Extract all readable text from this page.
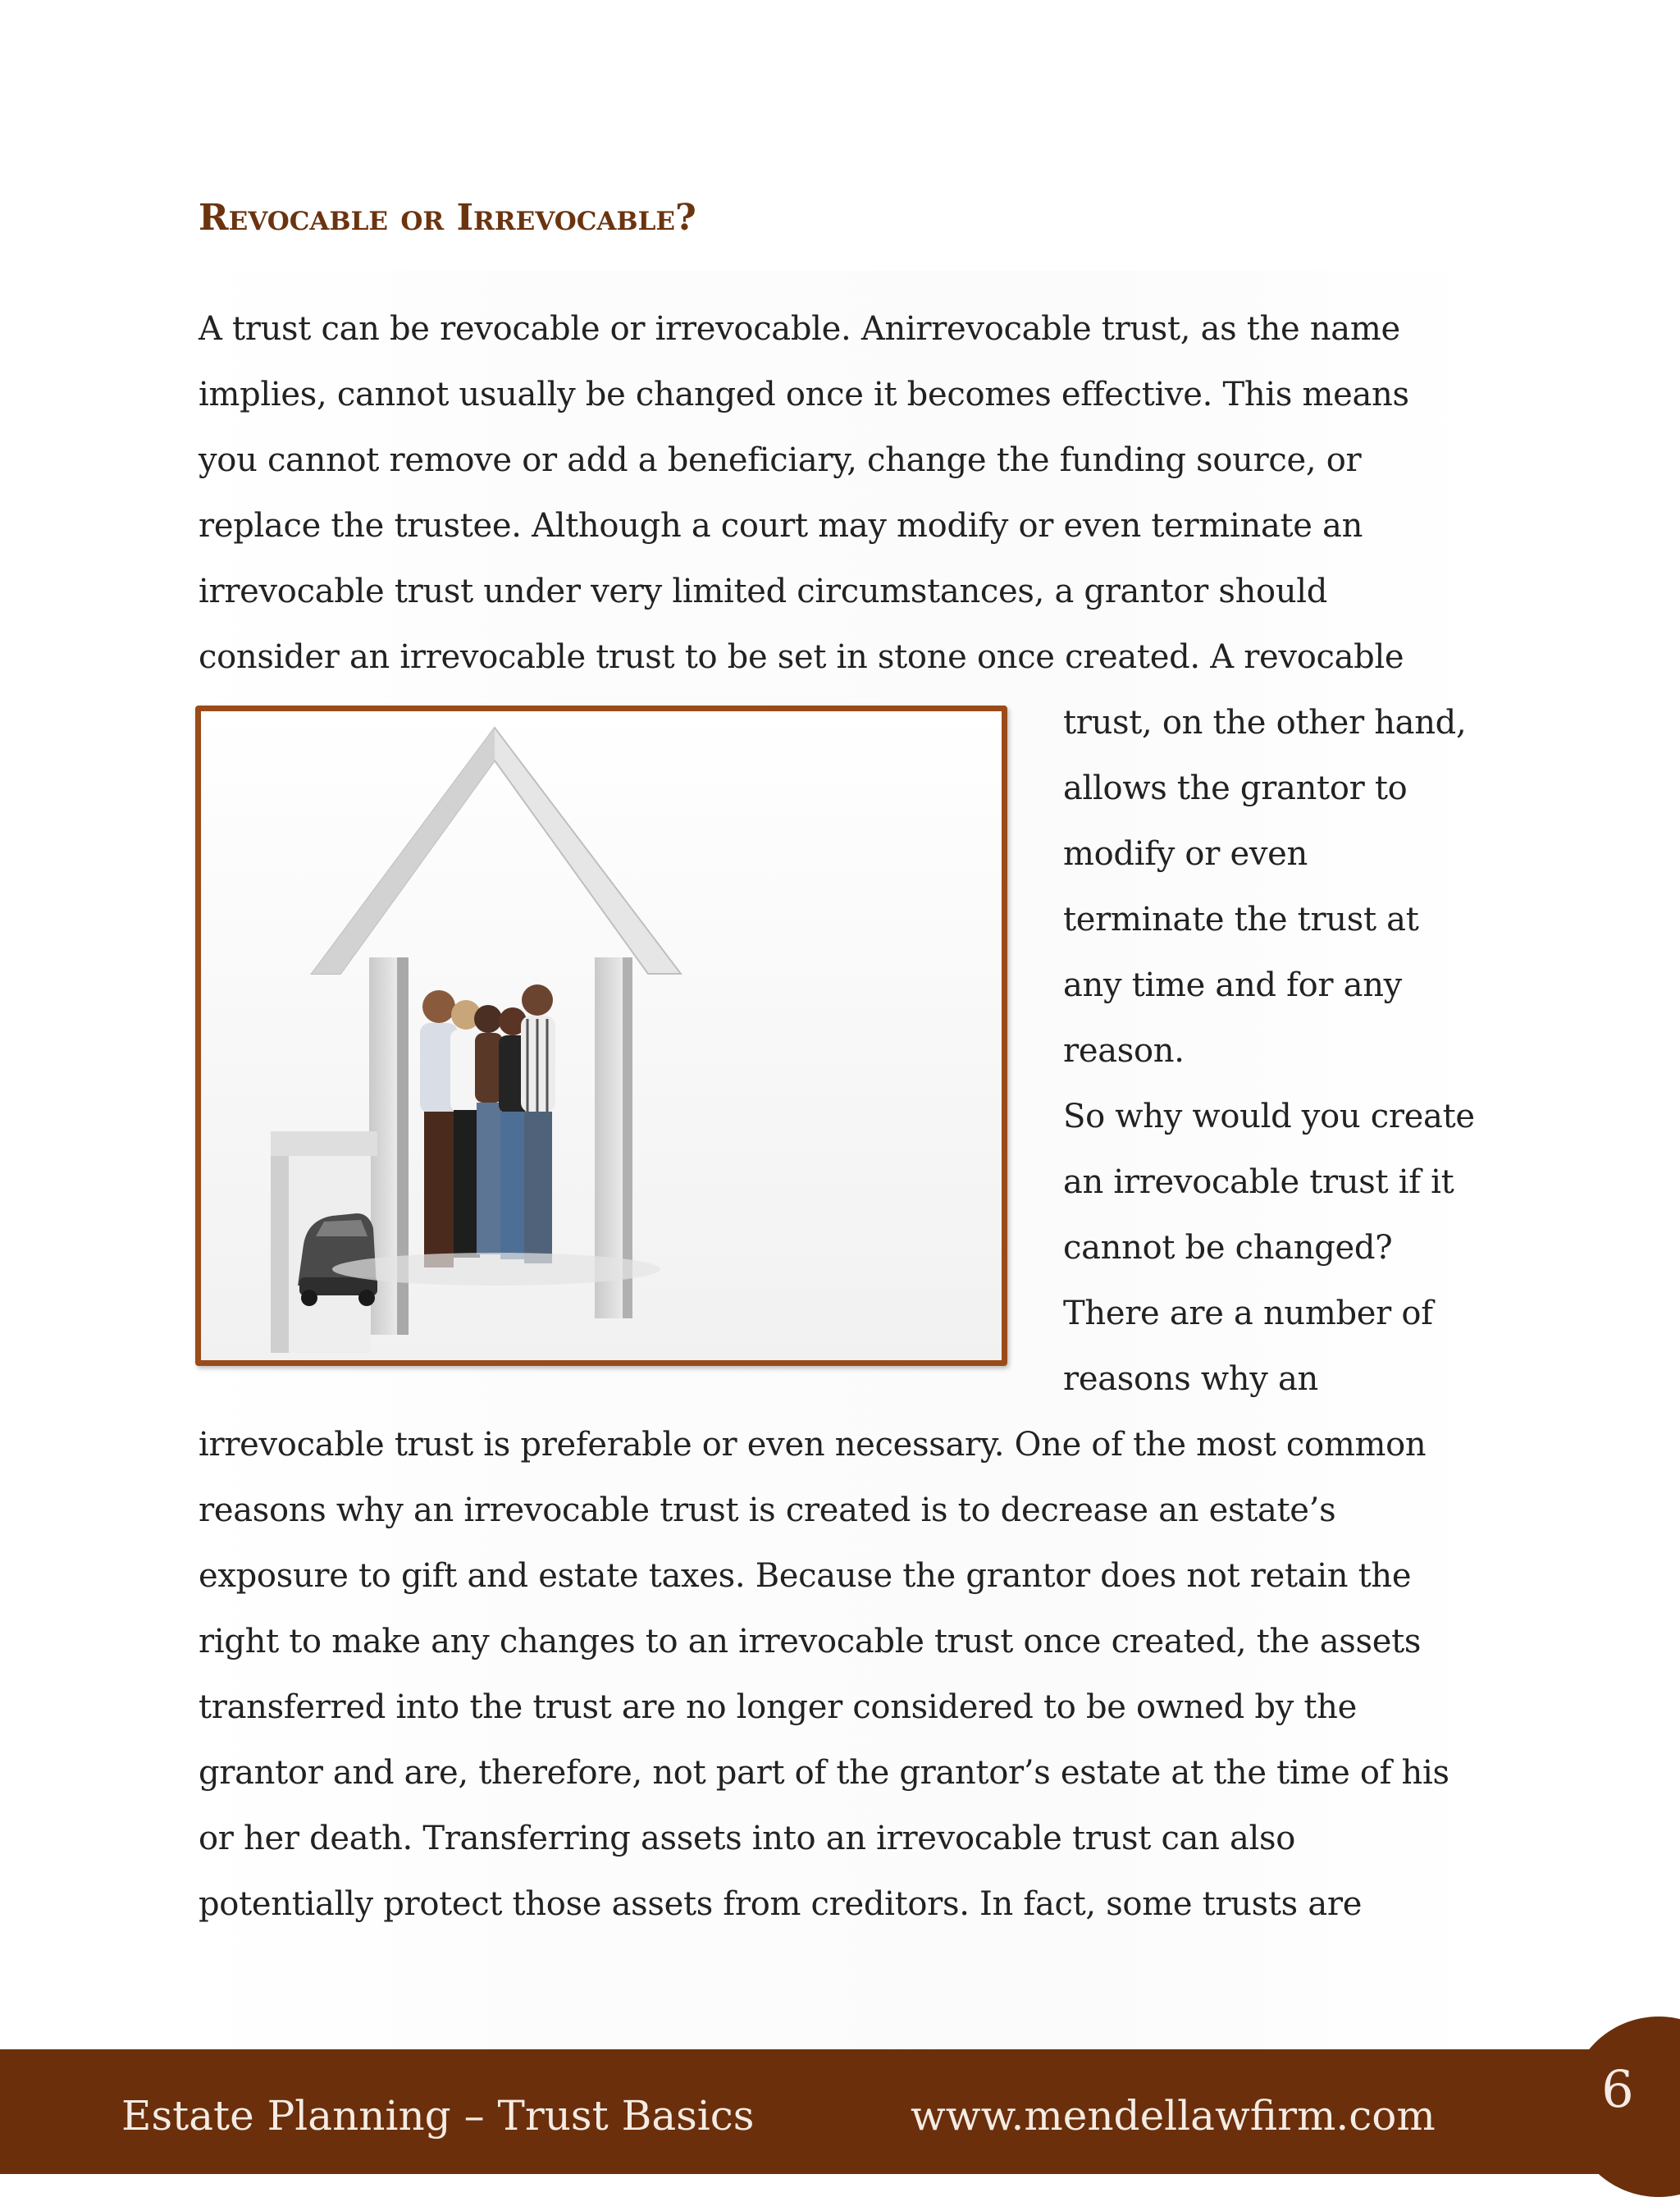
Revocable or Irrevocable?

A trust can be revocable or irrevocable. Anirrevocable trust, as the name

implies, cannot usually be changed once it becomes effective. This means

you cannot remove or add a beneficiary, change the funding source, or

replace the trustee. Although a court may modify or even terminate an

irrevocable trust under very limited circumstances, a grantor should

consider an irrevocable trust to be set in stone once created. A revocable

trust, on the other hand,

allows the grantor to

modify or even

terminate the trust at

any time and for any

reason.

So why would you create

an irrevocable trust if it

cannot be changed?

There are a number of

reasons why an

irrevocable trust is preferable or even necessary. One of the most common

reasons why an irrevocable trust is created is to decrease an estate’s

exposure to gift and estate taxes. Because the grantor does not retain the

right to make any changes to an irrevocable trust once created, the assets

transferred into the trust are no longer considered to be owned by the

grantor and are, therefore, not part of the grantor’s estate at the time of his

or her death. Transferring assets into an irrevocable trust can also

potentially protect those assets from creditors. In fact, some trusts are

Estate Planning – Trust Basics	www.mendellawfirm.com	6
